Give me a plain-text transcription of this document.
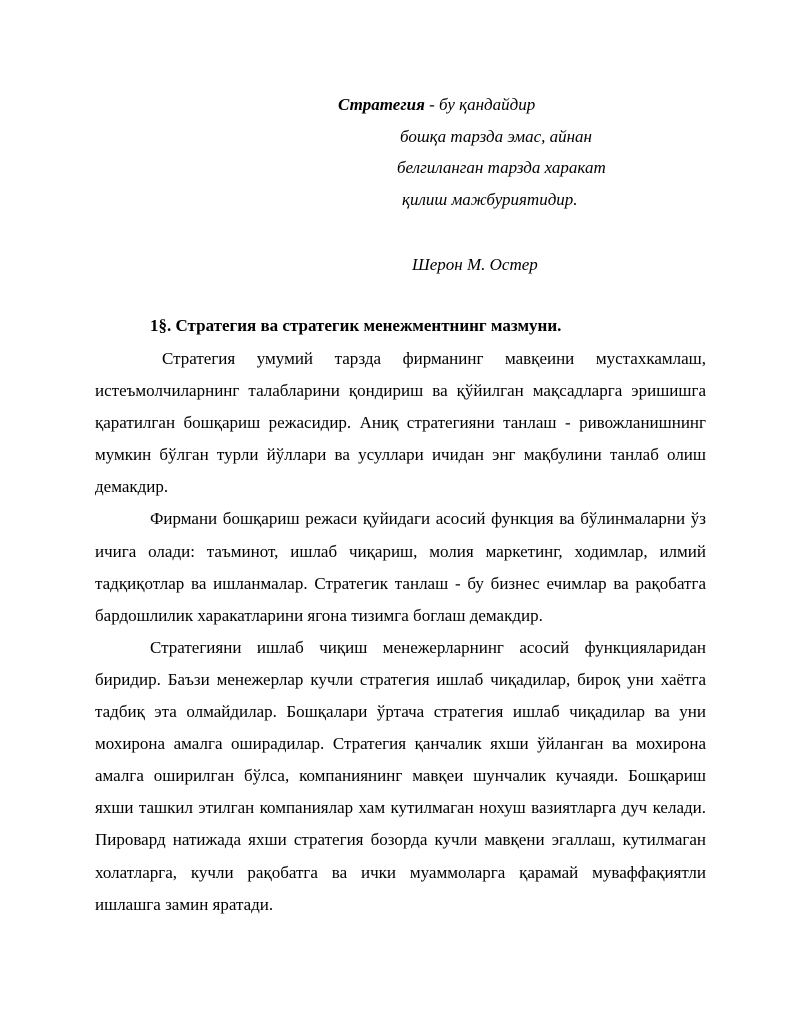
Стратегия - бу қандайдир
бошқа тарзда эмас, айнан
белгиланган тарзда харакат
қилиш мажбуриятидир.
Шерон М. Остер
1§. Стратегия ва стратегик менежментнинг мазмуни.

Стратегия умумий тарзда фирманинг мавқеини мустахкамлаш, истеъмолчиларнинг талабларини қондириш ва қўйилган мақсадларга эришишга қаратилган бошқариш режасидир. Аниқ стратегияни танлаш - ривожланишнинг мумкин бўлган турли йўллари ва усуллари ичидан энг мақбулини танлаб олиш демакдир.

Фирмани бошқариш режаси қуйидаги асосий функция ва бўлинмаларни ўз ичига олади: таъминот, ишлаб чиқариш, молия маркетинг, ходимлар, илмий тадқиқотлар ва ишланмалар. Стратегик танлаш - бу бизнес ечимлар ва рақобатга бардошлилик харакатларини ягона тизимга боглаш демакдир.

Стратегияни ишлаб чиқиш менежерларнинг асосий функцияларидан биридир. Баъзи менежерлар кучли стратегия ишлаб чиқадилар, бироқ уни хаётга тадбиқ эта олмайдилар. Бошқалари ўртача стратегия ишлаб чиқадилар ва уни мохирона амалга оширадилар. Стратегия қанчалик яхши ўйланган ва мохирона амалга оширилган бўлса, компаниянинг мавқеи шунчалик кучаяди. Бошқариш яхши ташкил этилган компаниялар хам кутилмаган нохуш вазиятларга дуч келади. Пировард натижада яхши стратегия бозорда кучли мавқени эгаллаш, кутилмаган холатларга, кучли рақобатга ва ички муаммоларга қарамай муваффақиятли ишлашга замин яратади.
